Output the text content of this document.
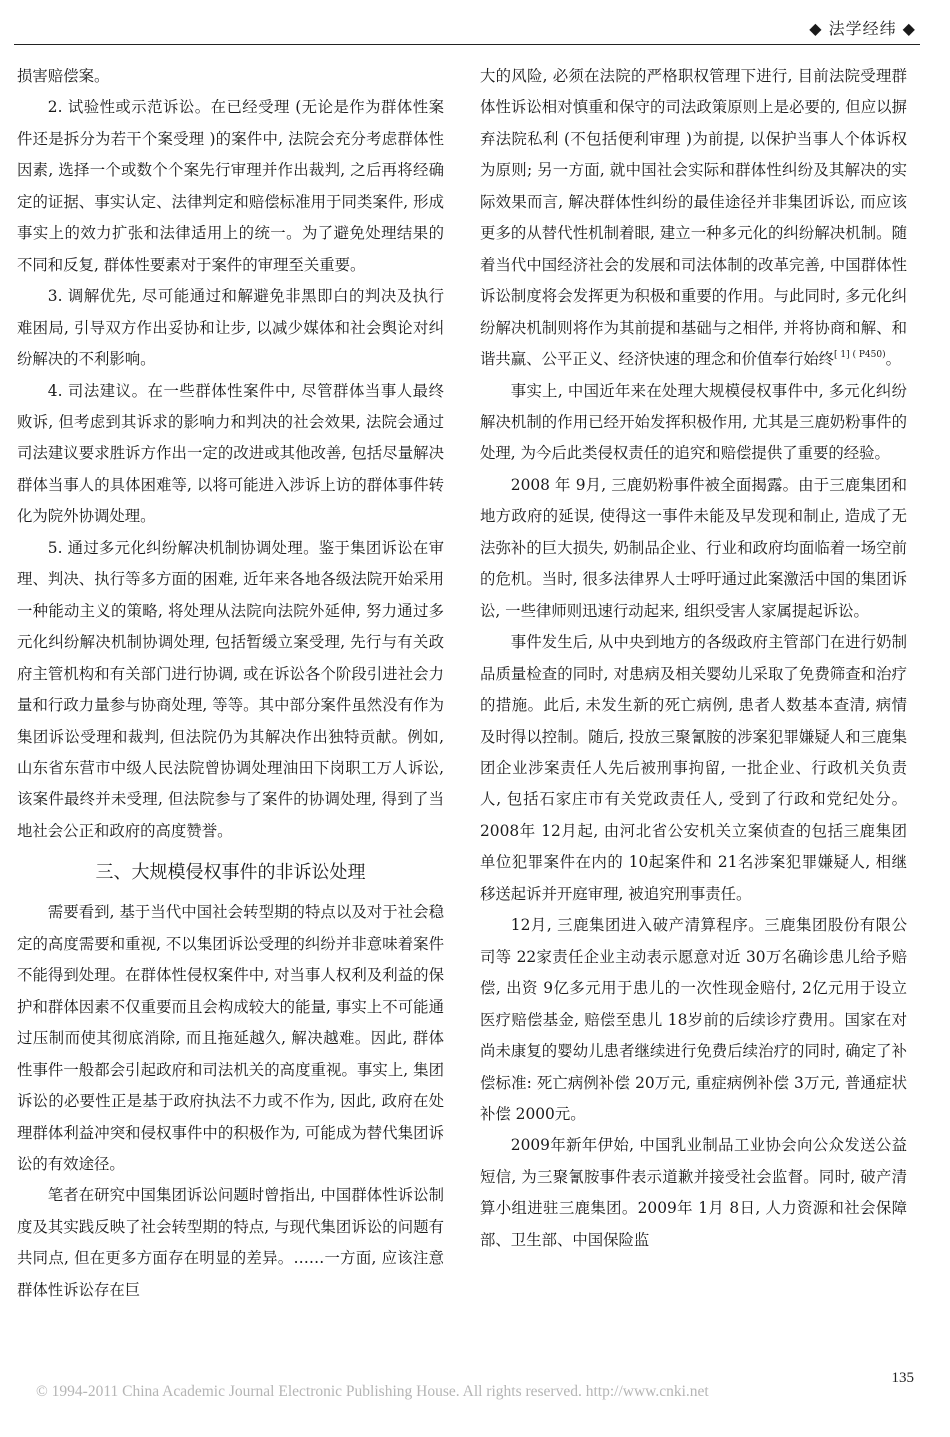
◆ 法学经纬 ◆

损害赔偿案。

2. 试验性或示范诉讼。在已经受理 (无论是作为群体性案件还是拆分为若干个案受理 )的案件中, 法院会充分考虑群体性因素, 选择一个或数个个案先行审理并作出裁判, 之后再将经确定的证据、事实认定、法律判定和赔偿标准用于同类案件, 形成事实上的效力扩张和法律适用上的统一。为了避免处理结果的不同和反复, 群体性要素对于案件的审理至关重要。

3. 调解优先, 尽可能通过和解避免非黑即白的判决及执行难困局, 引导双方作出妥协和让步, 以减少媒体和社会舆论对纠纷解决的不利影响。

4. 司法建议。在一些群体性案件中, 尽管群体当事人最终败诉, 但考虑到其诉求的影响力和判决的社会效果, 法院会通过司法建议要求胜诉方作出一定的改进或其他改善, 包括尽量解决群体当事人的具体困难等, 以将可能进入涉诉上访的群体事件转化为院外协调处理。

5. 通过多元化纠纷解决机制协调处理。鉴于集团诉讼在审理、判决、执行等多方面的困难, 近年来各地各级法院开始采用一种能动主义的策略, 将处理从法院向法院外延伸, 努力通过多元化纠纷解决机制协调处理, 包括暂缓立案受理, 先行与有关政府主管机构和有关部门进行协调, 或在诉讼各个阶段引进社会力量和行政力量参与协商处理, 等等。其中部分案件虽然没有作为集团诉讼受理和裁判, 但法院仍为其解决作出独特贡献。例如, 山东省东营市中级人民法院曾协调处理油田下岗职工万人诉讼, 该案件最终并未受理, 但法院参与了案件的协调处理, 得到了当地社会公正和政府的高度赞誉。

三、大规模侵权事件的非诉讼处理

需要看到, 基于当代中国社会转型期的特点以及对于社会稳定的高度需要和重视, 不以集团诉讼受理的纠纷并非意味着案件不能得到处理。在群体性侵权案件中, 对当事人权利及利益的保护和群体因素不仅重要而且会构成较大的能量, 事实上不可能通过压制而使其彻底消除, 而且拖延越久, 解决越难。因此, 群体性事件一般都会引起政府和司法机关的高度重视。事实上, 集团诉讼的必要性正是基于政府执法不力或不作为, 因此, 政府在处理群体利益冲突和侵权事件中的积极作为, 可能成为替代集团诉讼的有效途径。

笔者在研究中国集团诉讼问题时曾指出, 中国群体性诉讼制度及其实践反映了社会转型期的特点, 与现代集团诉讼的问题有共同点, 但在更多方面存在明显的差异。……一方面, 应该注意群体性诉讼存在巨

大的风险, 必须在法院的严格职权管理下进行, 目前法院受理群体性诉讼相对慎重和保守的司法政策原则上是必要的, 但应以摒弃法院私利 (不包括便利审理 )为前提, 以保护当事人个体诉权为原则; 另一方面, 就中国社会实际和群体性纠纷及其解决的实际效果而言, 解决群体性纠纷的最佳途径并非集团诉讼, 而应该更多的从替代性机制着眼, 建立一种多元化的纠纷解决机制。随着当代中国经济社会的发展和司法体制的改革完善, 中国群体性诉讼制度将会发挥更为积极和重要的作用。与此同时, 多元化纠纷解决机制则将作为其前提和基础与之相伴, 并将协商和解、和谐共赢、公平正义、经济快速的理念和价值奉行始终$^{[ 1] ( P450)}$。

事实上, 中国近年来在处理大规模侵权事件中, 多元化纠纷解决机制的作用已经开始发挥积极作用, 尤其是三鹿奶粉事件的处理, 为今后此类侵权责任的追究和赔偿提供了重要的经验。

2008 年 9月, 三鹿奶粉事件被全面揭露。由于三鹿集团和地方政府的延误, 使得这一事件未能及早发现和制止, 造成了无法弥补的巨大损失, 奶制品企业、行业和政府均面临着一场空前的危机。当时, 很多法律界人士呼吁通过此案激活中国的集团诉讼, 一些律师则迅速行动起来, 组织受害人家属提起诉讼。

事件发生后, 从中央到地方的各级政府主管部门在进行奶制品质量检查的同时, 对患病及相关婴幼儿采取了免费筛查和治疗的措施。此后, 未发生新的死亡病例, 患者人数基本查清, 病情及时得以控制。随后, 投放三聚氰胺的涉案犯罪嫌疑人和三鹿集团企业涉案责任人先后被刑事拘留, 一批企业、行政机关负责人, 包括石家庄市有关党政责任人, 受到了行政和党纪处分。2008年 12月起, 由河北省公安机关立案侦查的包括三鹿集团单位犯罪案件在内的 10起案件和 21名涉案犯罪嫌疑人, 相继移送起诉并开庭审理, 被追究刑事责任。

12月, 三鹿集团进入破产清算程序。三鹿集团股份有限公司等 22家责任企业主动表示愿意对近 30万名确诊患儿给予赔偿, 出资 9亿多元用于患儿的一次性现金赔付, 2亿元用于设立医疗赔偿基金, 赔偿至患儿 18岁前的后续诊疗费用。国家在对尚未康复的婴幼儿患者继续进行免费后续治疗的同时, 确定了补偿标准: 死亡病例补偿 20万元, 重症病例补偿 3万元, 普通症状补偿 2000元。

2009年新年伊始, 中国乳业制品工业协会向公众发送公益短信, 为三聚氰胺事件表示道歉并接受社会监督。同时, 破产清算小组进驻三鹿集团。2009年 1月 8日, 人力资源和社会保障部、卫生部、中国保险监

135
© 1994-2011 China Academic Journal Electronic Publishing House. All rights reserved. http://www.cnki.net
